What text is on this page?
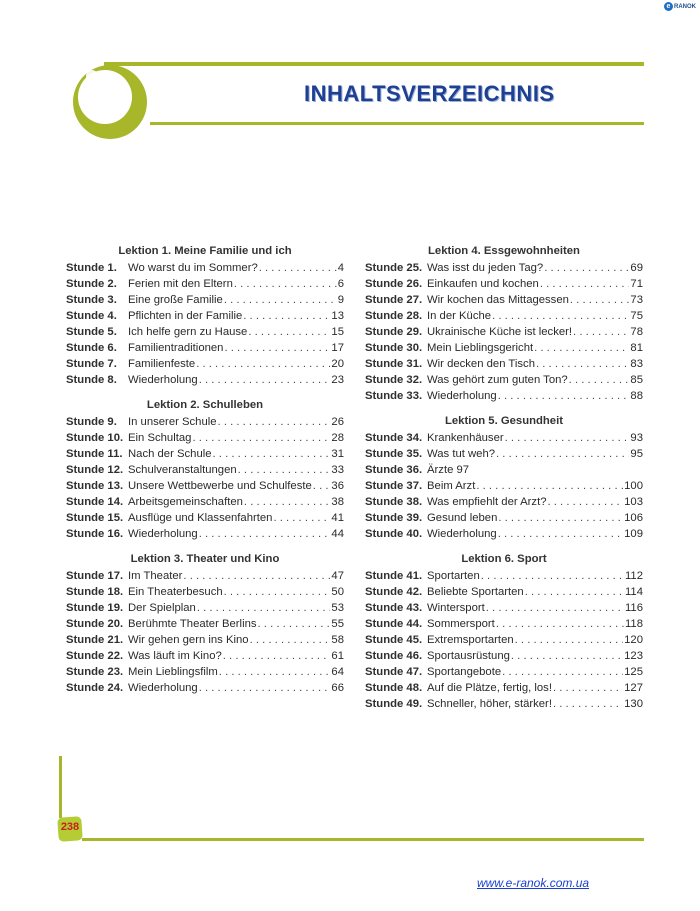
e RANOK
INHALTSVERZEICHNIS
Lektion 1. Meine Familie und ich
Stunde 1. Wo warst du im Sommer? . . .	4
Stunde 2. Ferien mit den Eltern . . .	6
Stunde 3. Eine große Familie . . .	9
Stunde 4. Pflichten in der Familie . . .	13
Stunde 5. Ich helfe gern zu Hause . . .	15
Stunde 6. Familientraditionen . . .	17
Stunde 7. Familienfeste . . .	20
Stunde 8. Wiederholung . . .	23
Lektion 2. Schulleben
Stunde 9. In unserer Schule . . .	26
Stunde 10. Ein Schultag . . .	28
Stunde 11. Nach der Schule . . .	31
Stunde 12. Schulveranstaltungen . . .	33
Stunde 13. Unsere Wettbewerbe und Schulfeste . . . 36
Stunde 14. Arbeitsgemeinschaften . . .	38
Stunde 15. Ausflüge und Klassenfahrten . . .	41
Stunde 16. Wiederholung . . .	44
Lektion 3. Theater und Kino
Stunde 17. Im Theater . . .	47
Stunde 18. Ein Theaterbesuch . . .	50
Stunde 19. Der Spielplan . . .	53
Stunde 20. Berühmte Theater Berlins . . .	55
Stunde 21. Wir gehen gern ins Kino . . .	58
Stunde 22. Was läuft im Kino? . . .	61
Stunde 23. Mein Lieblingsfilm . . .	64
Stunde 24. Wiederholung . . .	66
Lektion 4. Essgewohnheiten
Stunde 25. Was isst du jeden Tag? . . .	69
Stunde 26. Einkaufen und kochen . . .	71
Stunde 27. Wir kochen das Mittagessen . . .	73
Stunde 28. In der Küche . . .	75
Stunde 29. Ukrainische Küche ist lecker! . . .	78
Stunde 30. Mein Lieblingsgericht . . .	81
Stunde 31. Wir decken den Tisch . . .	83
Stunde 32. Was gehört zum guten Ton? . . .	85
Stunde 33. Wiederholung . . .	88
Lektion 5. Gesundheit
Stunde 34. Krankenhäuser . . .	93
Stunde 35. Was tut weh? . . .	95
Stunde 36. Ärzte 97
Stunde 37. Beim Arzt . . .	100
Stunde 38. Was empfiehlt der Arzt? . . .	103
Stunde 39. Gesund leben . . .	106
Stunde 40. Wiederholung . . .	109
Lektion 6. Sport
Stunde 41. Sportarten . . .	112
Stunde 42. Beliebte Sportarten . . .	114
Stunde 43. Wintersport . . .	116
Stunde 44. Sommersport . . .	118
Stunde 45. Extremsportarten . . .	120
Stunde 46. Sportausrüstung . . .	123
Stunde 47. Sportangebote . . .	125
Stunde 48. Auf die Plätze, fertig, los! . . .	127
Stunde 49. Schneller, höher, stärker! . . .	130
238
www.e-ranok.com.ua
